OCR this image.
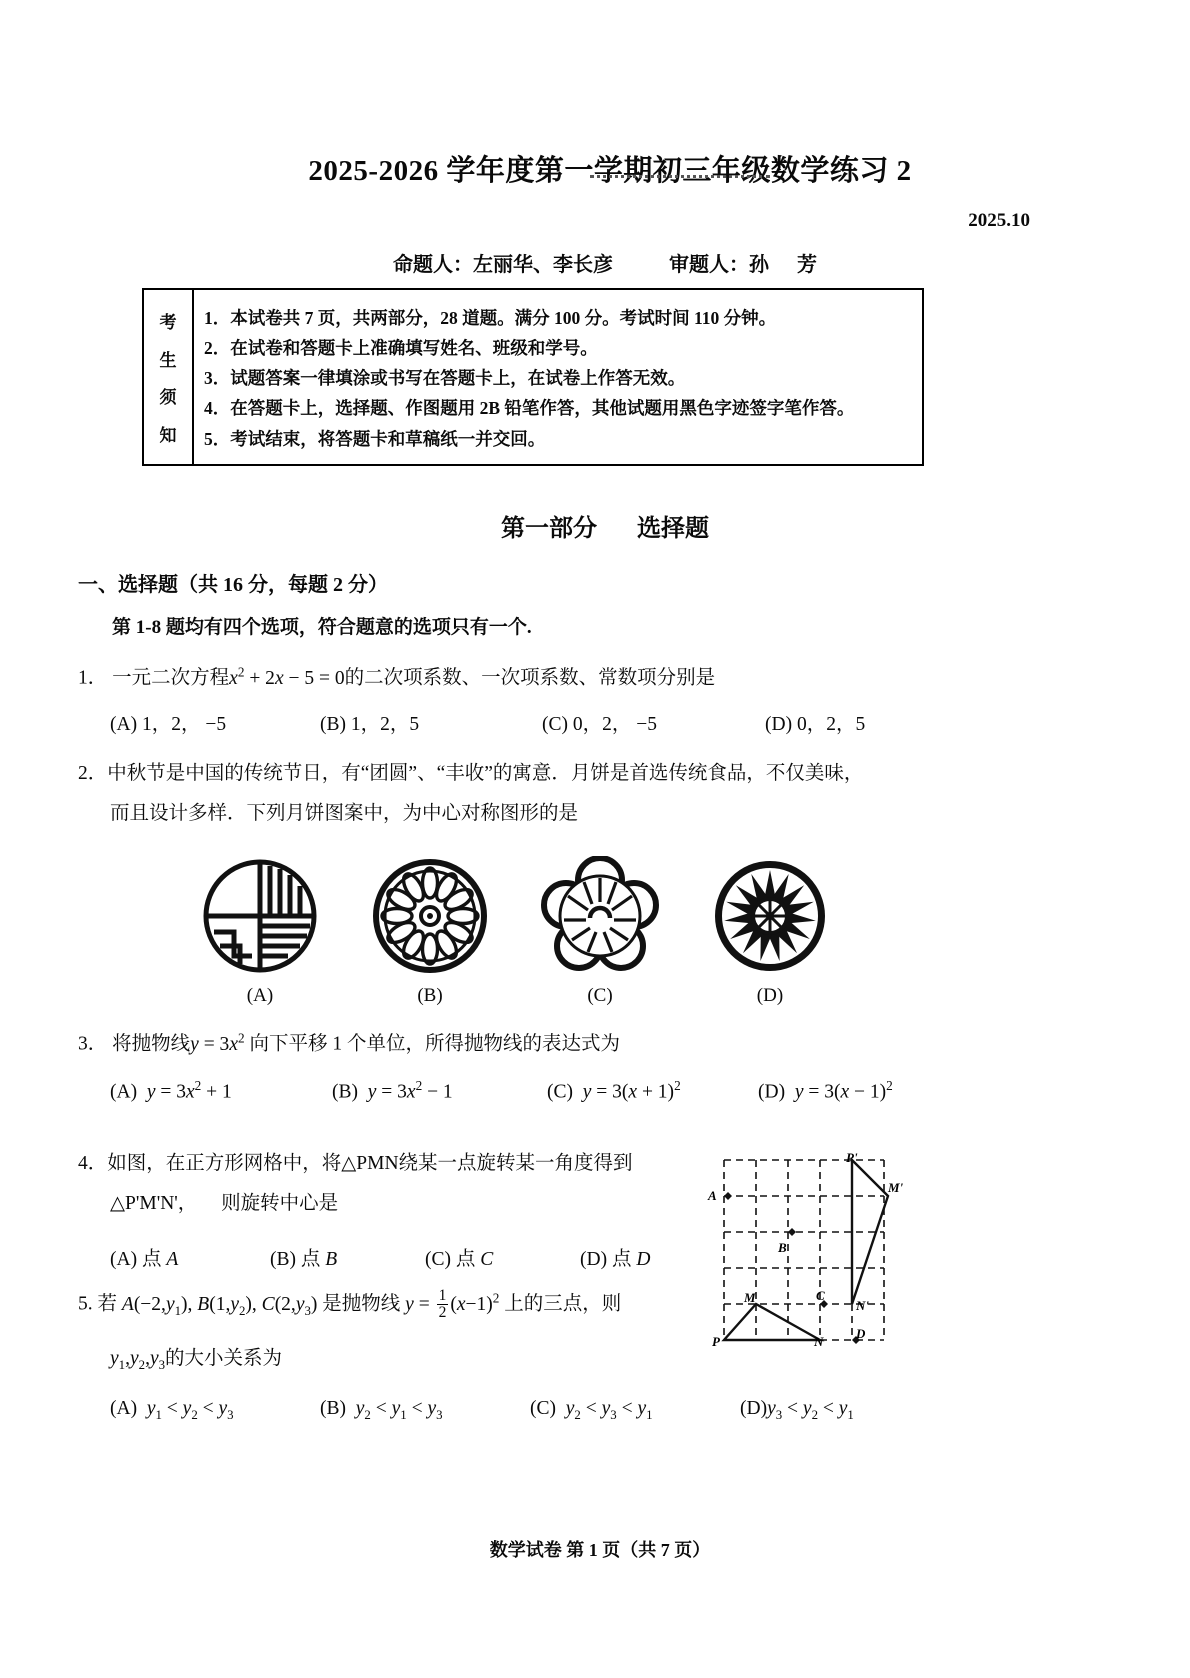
2025-2026 学年度第一学期初三年级数学练习 2
2025.10
命题人：左丽华、李长彦	审题人：孙 芳
考
生
须
知
1．本试卷共 7 页，共两部分，28 道题。满分 100 分。考试时间 110 分钟。
2．在试卷和答题卡上准确填写姓名、班级和学号。
3．试题答案一律填涂或书写在答题卡上，在试卷上作答无效。
4．在答题卡上，选择题、作图题用 2B 铅笔作答，其他试题用黑色字迹签字笔作答。
5．考试结束，将答题卡和草稿纸一并交回。
第一部分 选择题
一、选择题（共 16 分，每题 2 分）
第 1-8 题均有四个选项，符合题意的选项只有一个.
1． 一元二次方程$x^2 + 2x - 5 = 0$的二次项系数、一次项系数、常数项分别是
(A) 1，2， −5	(B) 1，2，5	(C) 0，2， −5	(D) 0，2，5
2．中秋节是中国的传统节日，有“团圆”、“丰收”的寓意．月饼是首选传统食品，不仅美味，
而且设计多样．下列月饼图案中，为中心对称图形的是
(A)	(B)	(C)	(D)
3． 将抛物线$y = 3x^2$ 向下平移 1 个单位，所得抛物线的表达式为
(A) $y = 3x^2 + 1$	(B) $y = 3x^2 - 1$	(C) $y = 3(x + 1)^2$	(D) $y = 3(x - 1)^2$
4．如图，在正方形网格中，将△PMN绕某一点旋转某一角度得到
△P'M'N'， 则旋转中心是
(A) 点 A	(B) 点 B	(C) 点 C	(D) 点 D
A
B
C
D
P
M
N
P'
M'
N'
5. 若 $A(-2,y_1)$, $B(1,y_2)$, $C(2,y_3)$ 是抛物线 $y = \frac{1}{2} (x-1)^2$ 上的三点，则
$y_1,y_2,y_3$的大小关系为
(A) $y_1 < y_2 < y_3$	(B) $y_2 < y_1 < y_3$	(C) $y_2 < y_3 < y_1$	$(D)y_3 < y_2 < y_1$
数学试卷 第 1 页（共 7 页）
